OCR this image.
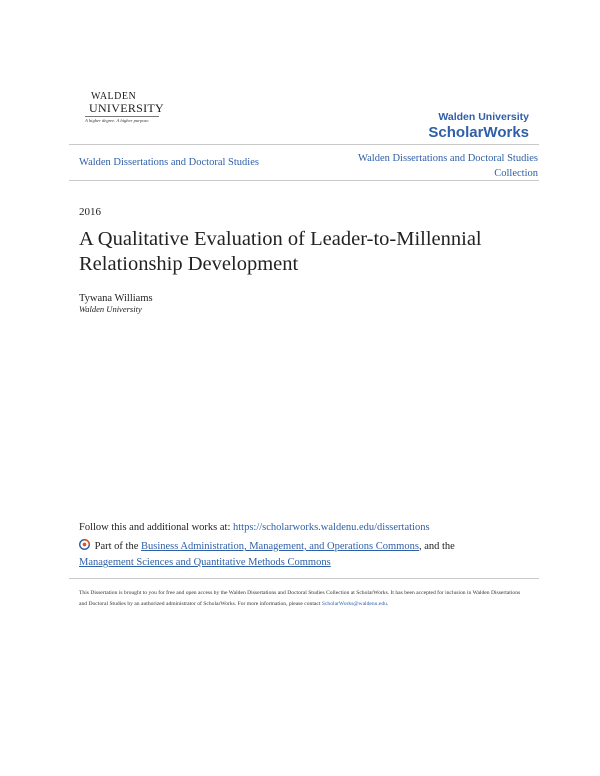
WALDEN
UNIVERSITY
A higher degree. A higher purpose.	Walden University
ScholarWorks
Walden Dissertations and Doctoral Studies	Walden Dissertations and Doctoral Studies
Collection
2016
A Qualitative Evaluation of Leader-to-Millennial Relationship Development
Tywana Williams
Walden University
Follow this and additional works at: https://scholarworks.waldenu.edu/dissertations
Part of the Business Administration, Management, and Operations Commons, and the
Management Sciences and Quantitative Methods Commons
This Dissertation is brought to you for free and open access by the Walden Dissertations and Doctoral Studies Collection at ScholarWorks. It has been accepted for inclusion in Walden Dissertations and Doctoral Studies by an authorized administrator of ScholarWorks. For more information, please contact ScholarWorks@waldenu.edu.
